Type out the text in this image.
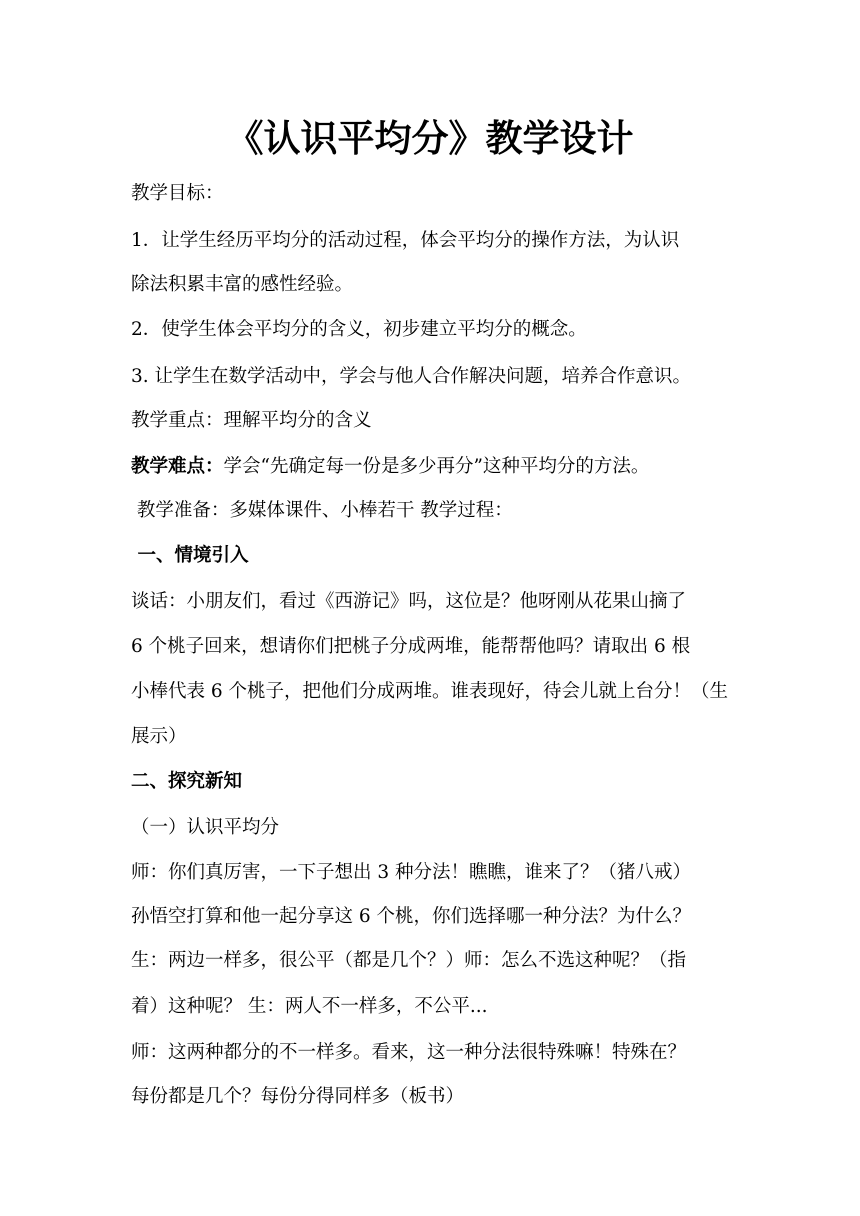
《认识平均分》教学设计
教学目标：
1．让学生经历平均分的活动过程，体会平均分的操作方法，为认识
除法积累丰富的感性经验。
2．使学生体会平均分的含义，初步建立平均分的概念。
3. 让学生在数学活动中，学会与他人合作解决问题，培养合作意识。
教学重点：理解平均分的含义
教学难点：学会“先确定每一份是多少再分”这种平均分的方法。
教学准备：多媒体课件、小棒若干 教学过程：
一、情境引入
谈话：小朋友们，看过《西游记》吗，这位是？他呀刚从花果山摘了
6 个桃子回来，想请你们把桃子分成两堆，能帮帮他吗？请取出 6 根
小棒代表 6 个桃子，把他们分成两堆。谁表现好，待会儿就上台分！（生
展示）
二、探究新知
（一）认识平均分
师：你们真厉害，一下子想出 3 种分法！瞧瞧，谁来了？（猪八戒）
孙悟空打算和他一起分享这 6 个桃，你们选择哪一种分法？为什么？
生：两边一样多，很公平（都是几个？）师：怎么不选这种呢？（指
着）这种呢？ 生：两人不一样多，不公平...
师：这两种都分的不一样多。看来，这一种分法很特殊嘛！特殊在？
每份都是几个？每份分得同样多（板书）
